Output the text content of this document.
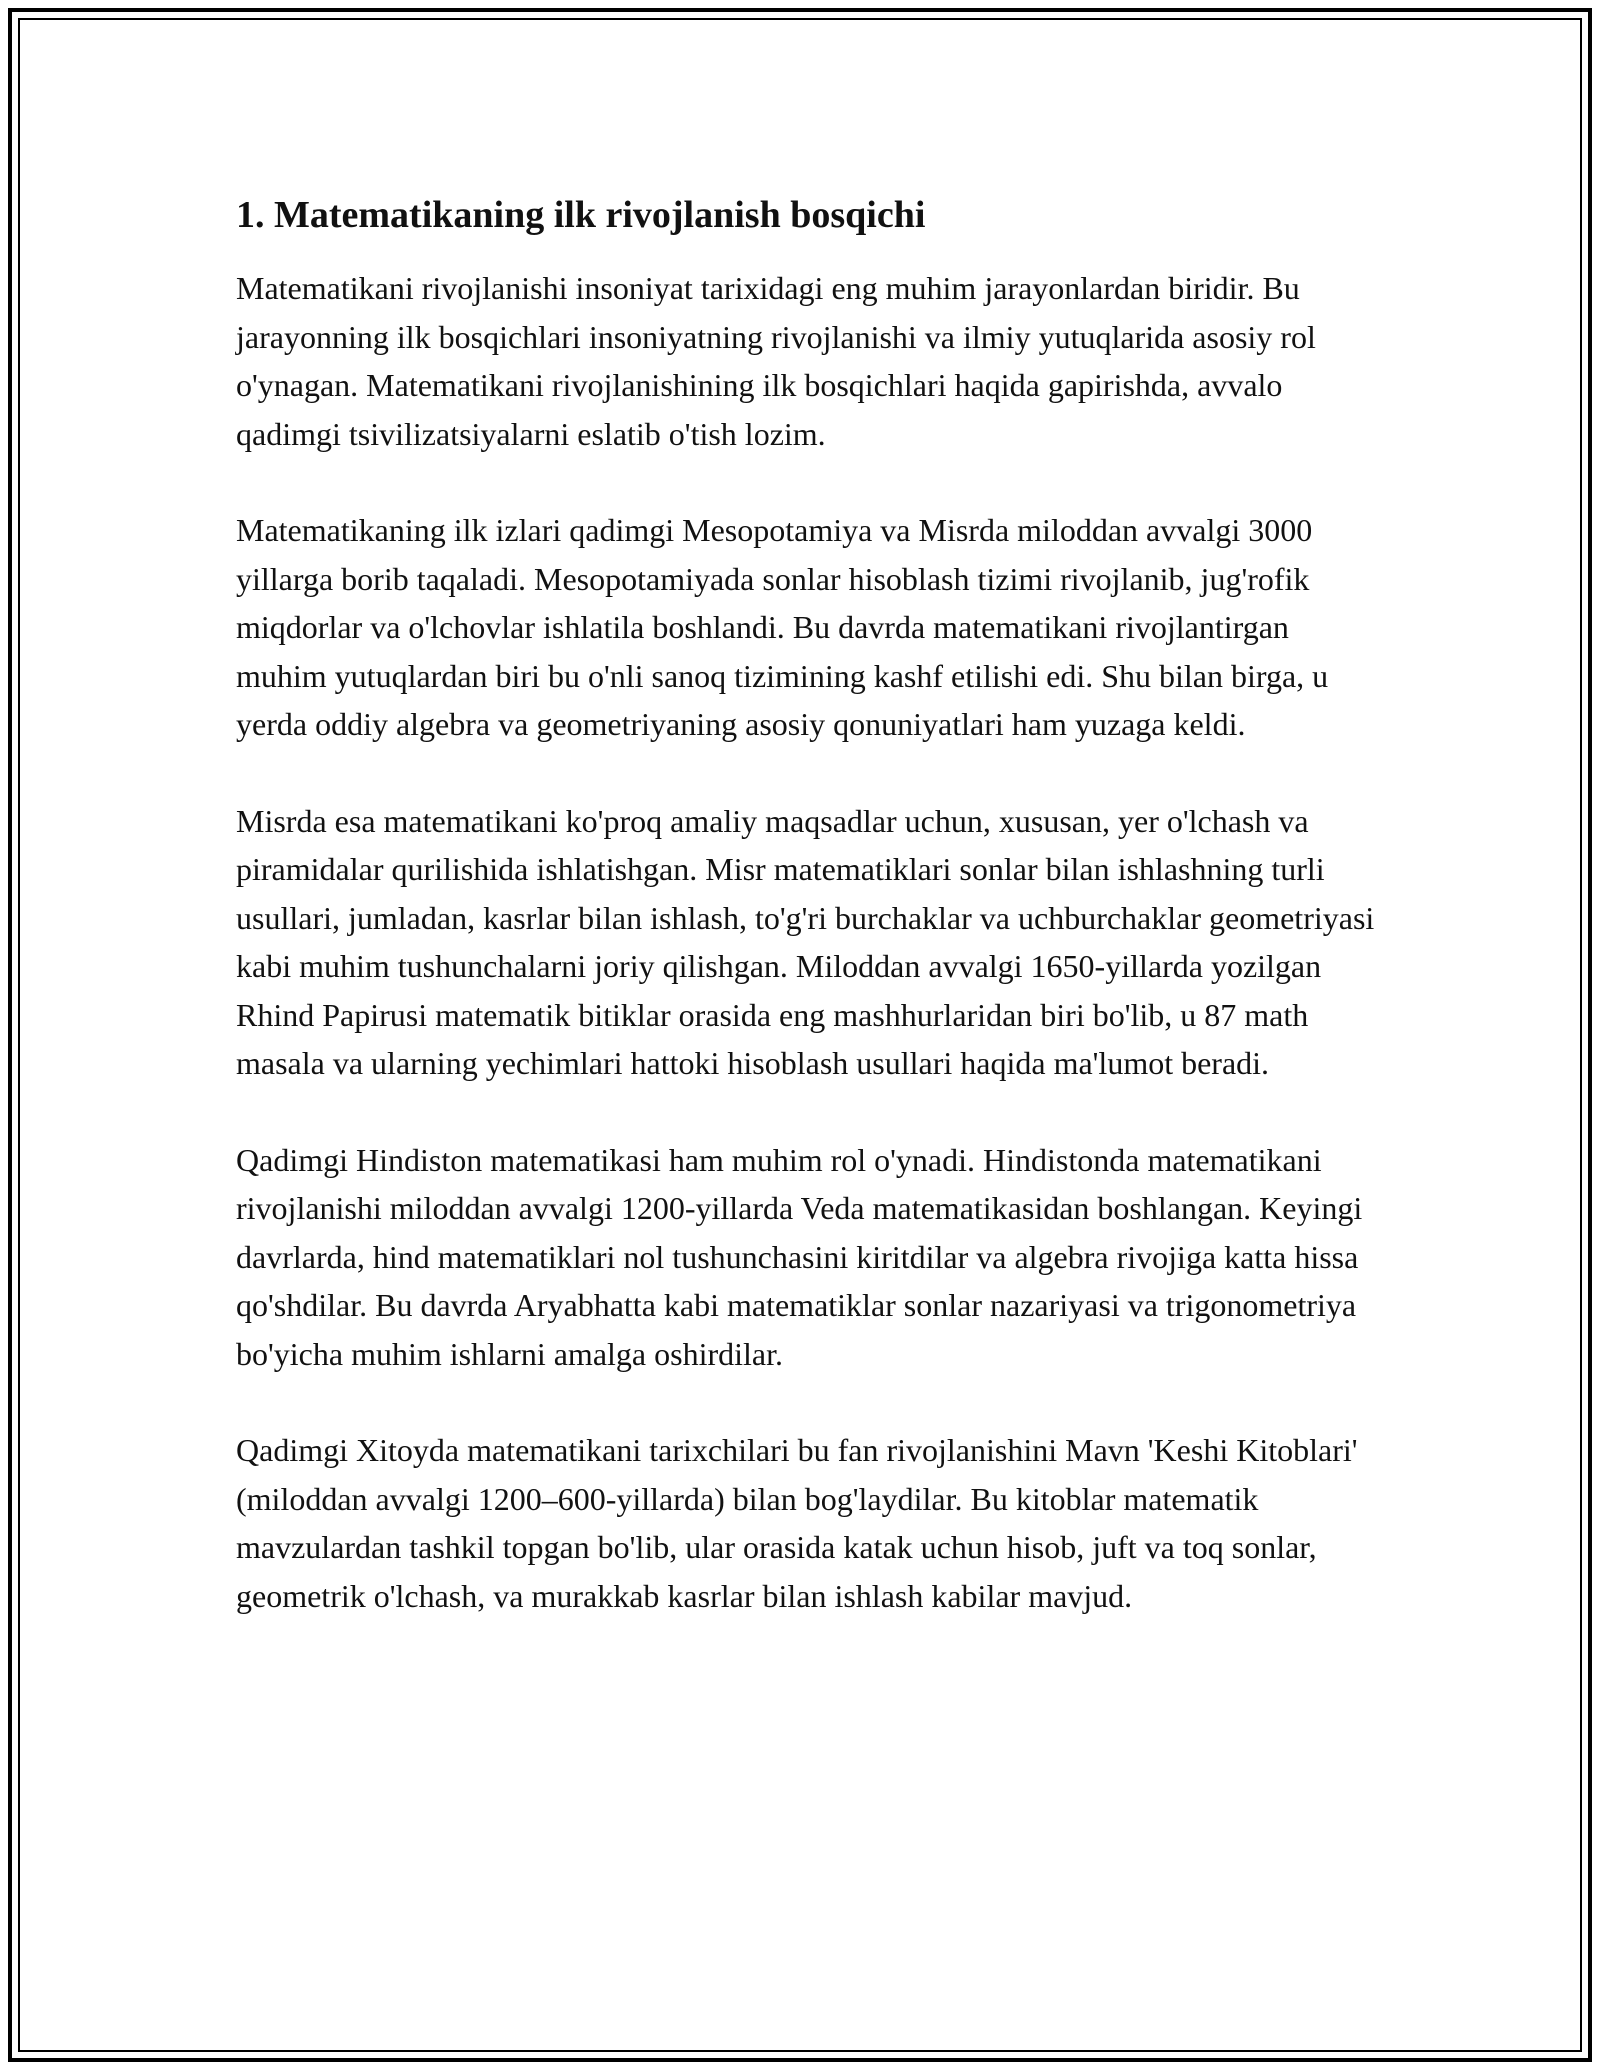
1. Matematikaning ilk rivojlanish bosqichi

Matematikani rivojlanishi insoniyat tarixidagi eng muhim jarayonlardan biridir. Bu jarayonning ilk bosqichlari insoniyatning rivojlanishi va ilmiy yutuqlarida asosiy rol o'ynagan. Matematikani rivojlanishining ilk bosqichlari haqida gapirishda, avvalo qadimgi tsivilizatsiyalarni eslatib o'tish lozim.

Matematikaning ilk izlari qadimgi Mesopotamiya va Misrda miloddan avvalgi 3000 yillarga borib taqaladi. Mesopotamiyada sonlar hisoblash tizimi rivojlanib, jug'rofik miqdorlar va o'lchovlar ishlatila boshlandi. Bu davrda matematikani rivojlantirgan muhim yutuqlardan biri bu o'nli sanoq tizimining kashf etilishi edi. Shu bilan birga, u yerda oddiy algebra va geometriyaning asosiy qonuniyatlari ham yuzaga keldi.

Misrda esa matematikani ko'proq amaliy maqsadlar uchun, xususan, yer o'lchash va piramidalar qurilishida ishlatishgan. Misr matematiklari sonlar bilan ishlashning turli usullari, jumladan, kasrlar bilan ishlash, to'g'ri burchaklar va uchburchaklar geometriyasi kabi muhim tushunchalarni joriy qilishgan. Miloddan avvalgi 1650-yillarda yozilgan Rhind Papirusi matematik bitiklar orasida eng mashhurlaridan biri bo'lib, u 87 math masala va ularning yechimlari hattoki hisoblash usullari haqida ma'lumot beradi.

Qadimgi Hindiston matematikasi ham muhim rol o'ynadi. Hindistonda matematikani rivojlanishi miloddan avvalgi 1200-yillarda Veda matematikasidan boshlangan. Keyingi davrlarda, hind matematiklari nol tushunchasini kiritdilar va algebra rivojiga katta hissa qo'shdilar. Bu davrda Aryabhatta kabi matematiklar sonlar nazariyasi va trigonometriya bo'yicha muhim ishlarni amalga oshirdilar.

Qadimgi Xitoyda matematikani tarixchilari bu fan rivojlanishini Mavn 'Keshi Kitoblari' (miloddan avvalgi 1200–600-yillarda) bilan bog'laydilar. Bu kitoblar matematik mavzulardan tashkil topgan bo'lib, ular orasida katak uchun hisob, juft va toq sonlar, geometrik o'lchash, va murakkab kasrlar bilan ishlash kabilar mavjud.
